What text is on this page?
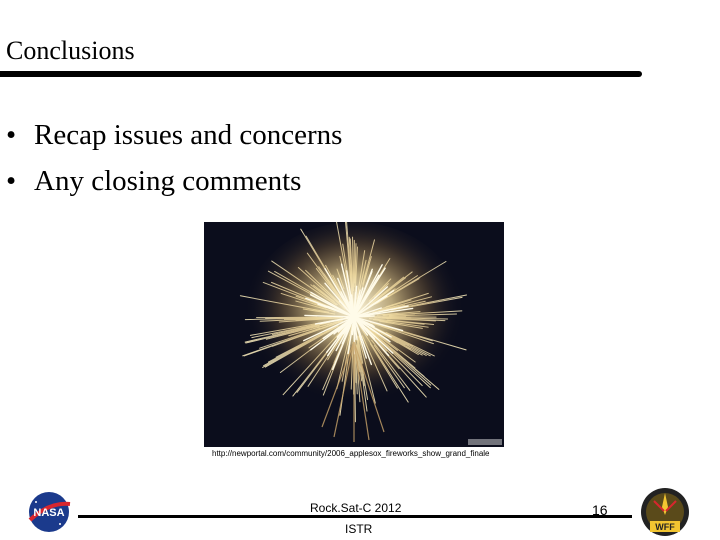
Conclusions
• Recap issues and concerns
• Any closing comments
http://newportal.com/community/2006_applesox_fireworks_show_grand_finale
NASA	Rock.Sat-C 2012
ISTR
16
WFF
